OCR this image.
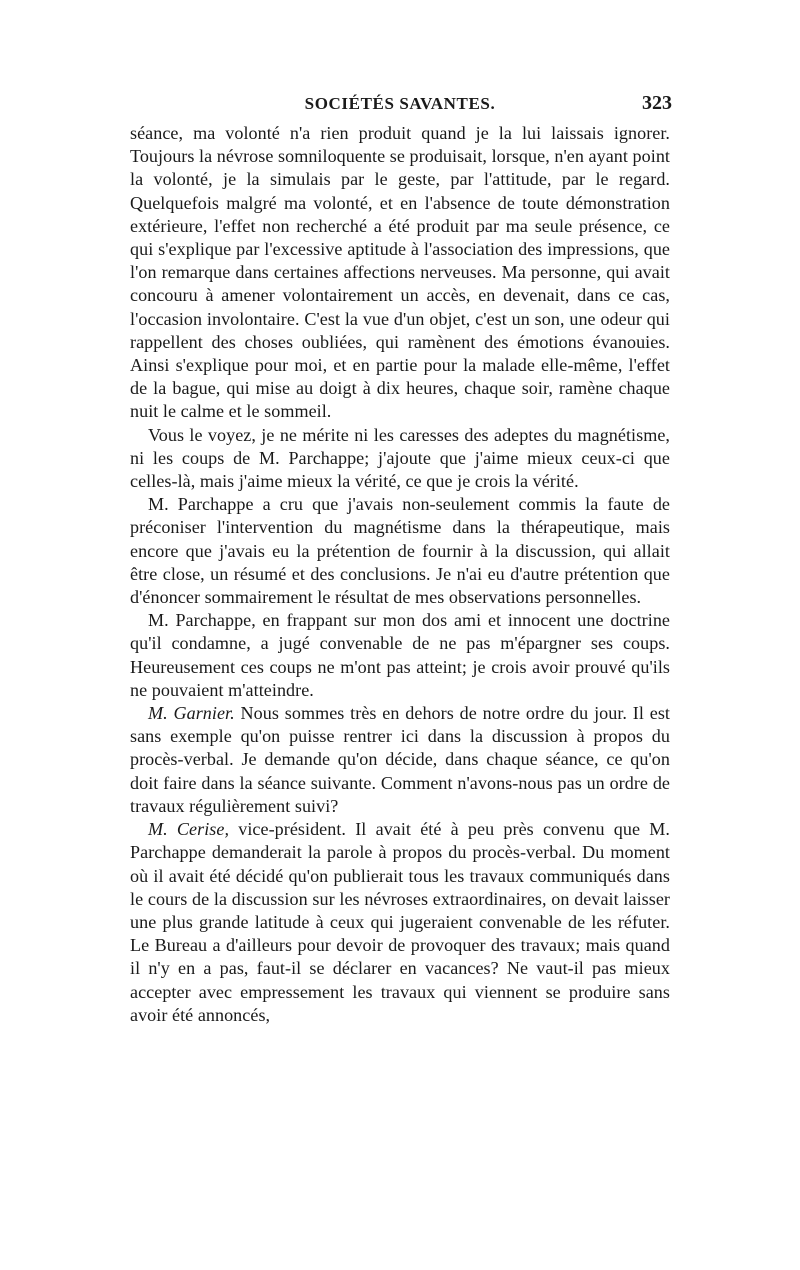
SOCIÉTÉS SAVANTES.	323

séance, ma volonté n'a rien produit quand je la lui laissais ignorer. Toujours la névrose somniloquente se produisait, lorsque, n'en ayant point la volonté, je la simulais par le geste, par l'attitude, par le regard. Quelquefois malgré ma volonté, et en l'absence de toute démonstration extérieure, l'effet non recherché a été produit par ma seule présence, ce qui s'explique par l'excessive aptitude à l'association des impressions, que l'on remarque dans certaines affections nerveuses. Ma personne, qui avait concouru à amener volontairement un accès, en devenait, dans ce cas, l'occasion involontaire. C'est la vue d'un objet, c'est un son, une odeur qui rappellent des choses oubliées, qui ramènent des émotions évanouies. Ainsi s'explique pour moi, et en partie pour la malade elle-même, l'effet de la bague, qui mise au doigt à dix heures, chaque soir, ramène chaque nuit le calme et le sommeil.

Vous le voyez, je ne mérite ni les caresses des adeptes du magnétisme, ni les coups de M. Parchappe; j'ajoute que j'aime mieux ceux-ci que celles-là, mais j'aime mieux la vérité, ce que je crois la vérité.

M. Parchappe a cru que j'avais non-seulement commis la faute de préconiser l'intervention du magnétisme dans la thérapeutique, mais encore que j'avais eu la prétention de fournir à la discussion, qui allait être close, un résumé et des conclusions. Je n'ai eu d'autre prétention que d'énoncer sommairement le résultat de mes observations personnelles.

M. Parchappe, en frappant sur mon dos ami et innocent une doctrine qu'il condamne, a jugé convenable de ne pas m'épargner ses coups. Heureusement ces coups ne m'ont pas atteint; je crois avoir prouvé qu'ils ne pouvaient m'atteindre.

M. Garnier. Nous sommes très en dehors de notre ordre du jour. Il est sans exemple qu'on puisse rentrer ici dans la discussion à propos du procès-verbal. Je demande qu'on décide, dans chaque séance, ce qu'on doit faire dans la séance suivante. Comment n'avons-nous pas un ordre de travaux régulièrement suivi?

M. Cerise, vice-président. Il avait été à peu près convenu que M. Parchappe demanderait la parole à propos du procès-verbal. Du moment où il avait été décidé qu'on publierait tous les travaux communiqués dans le cours de la discussion sur les névroses extraordinaires, on devait laisser une plus grande latitude à ceux qui jugeraient convenable de les réfuter. Le Bureau a d'ailleurs pour devoir de provoquer des travaux; mais quand il n'y en a pas, faut-il se déclarer en vacances? Ne vaut-il pas mieux accepter avec empressement les travaux qui viennent se produire sans avoir été annoncés,
